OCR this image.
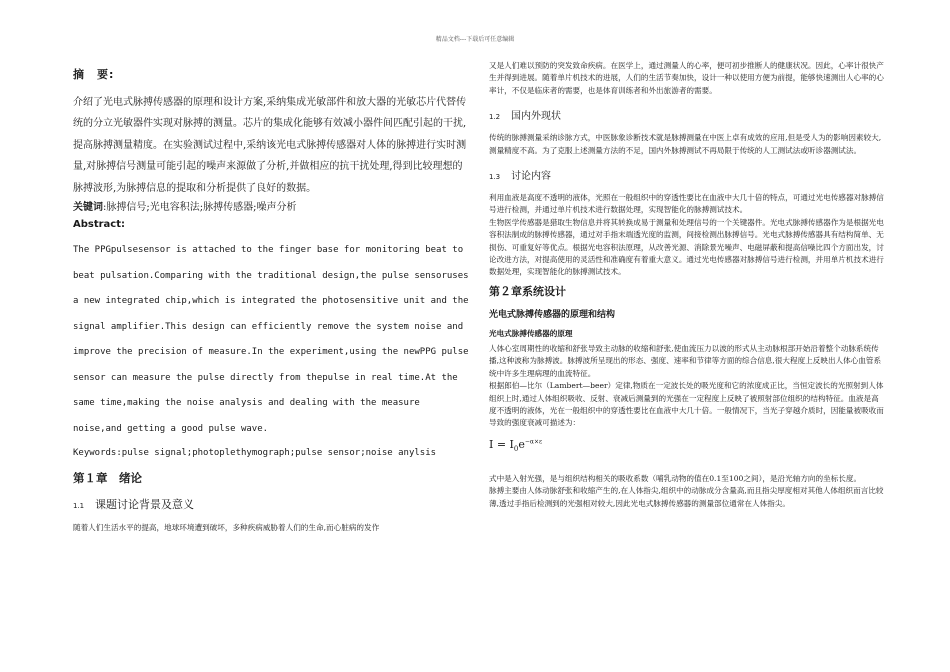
精品文档---下载后可任意编辑
摘　要:

介绍了光电式脉搏传感器的原理和设计方案,采纳集成光敏部件和放大器的光敏芯片代替传统的分立光敏器件实现对脉搏的测量。芯片的集成化能够有效减小器件间匹配引起的干扰,提高脉搏测量精度。在实验测试过程中,采纳该光电式脉搏传感器对人体的脉搏进行实时测量,对脉搏信号测量可能引起的噪声来源做了分析,并做相应的抗干扰处理,得到比较理想的脉搏波形,为脉搏信息的提取和分析提供了良好的数据。

关键词:脉搏信号;光电容积法;脉搏传感器;噪声分析

Abstract:

The PPGpulsesensor is attached to the finger base for monitoring beat to beat pulsation.Comparing with the traditional design,the pulse sensoruses a new integrated chip,which is integrated the photosensitive unit and the signal amplifier.This design can efficiently remove the system noise and improve the precision of measure.In the experiment,using the newPPG pulse sensor can measure the pulse directly from thepulse in real time.At the same time,making the noise analysis and dealing with the measure noise,and getting a good pulse wave.

Keywords:pulse signal;photoplethymograph;pulse sensor;noise anylsis

第１章　绪论
1.1 课题讨论背景及意义

随着人们生活水平的提高，地球环境遭到破坏，多种疾病威胁着人们的生命,而心脏病的发作

又是人们难以预防的突发致命疾病。在医学上，通过测量人的心率，便可初步推断人的健康状况。因此，心率计很快产生并得到进展。随着单片机技术的进展，人们的生活节奏加快，设计一种以使用方便为前提，能够快速测出人心率的心率计，不仅是临床者的需要，也是体育训练者和外出旅游者的需要。

1.2 国内外现状

传统的脉搏测量采纳诊脉方式，中医脉象诊断技术就是脉搏测量在中医上卓有成效的应用,但是受人为的影响因素较大,测量精度不高。为了克服上述测量方法的不足，国内外脉搏测试不再局限于传统的人工测试法或听诊器测试法。

1.3 讨论内容

利用血液是高度不透明的液体，光照在一般组织中的穿透性要比在血液中大几十倍的特点，可通过光电传感器对脉搏信号进行检测，并通过单片机技术进行数据处理，实现智能化的脉搏测试技术。

生物医学传感器是猎取生物信息并将其转换成易于测量和处理信号的一个关键器件。光电式脉搏传感器作为是根据光电容积法制成的脉搏传感器，通过对手指末端透光度的监测，间接检测出脉搏信号。光电式脉搏传感器具有结构简单、无损伤、可重复好等优点。根据光电容积法原理，从改善光源、消除景光噪声、电磁屏蔽和提高信噪比四个方面出发，讨论改进方法，对提高使用的灵活性和准确度有着重大意义。通过光电传感器对脉搏信号进行检测，并用单片机技术进行数据处理，实现智能化的脉搏测试技术。

第２章系统设计
光电式脉搏传感器的原理和结构
光电式脉搏传感器的原理

人体心室周期性的收缩和舒张导致主动脉的收缩和舒张,使血流压力以波的形式从主动脉根部开始沿着整个动脉系统传播,这种波称为脉搏波。脉搏波所呈现出的形态、强度、速率和节律等方面的综合信息,很大程度上反映出人体心血管系统中许多生理病理的血流特征。

根据郎伯—比尔（Lambert—beer）定律,物质在一定波长处的吸光度和它的浓度成正比，当恒定波长的光照射到人体组织上时,通过人体组织吸收、反射、衰减后测量到的光强在一定程度上反映了被照射部位组织的结构特征。血液是高度不透明的液体，光在一般组织中的穿透性要比在血液中大几十倍。一般情况下，当光子穿越介质时，因能量被吸收而导致的强度衰减可描述为：

$I = I_0e^{-\alpha\times\varepsilon}$

式中是入射光强，是与组织结构相关的吸收系数（哺乳动物的值在0.1至100之间），是沿光轴方向的坐标长度。

脉搏主要由人体动脉舒张和收缩产生的,在人体指尖,组织中的动脉成分含量高,而且指尖厚度相对其他人体组织而言比较薄,透过手指后检测到的光强相对较大,因此光电式脉搏传感器的测量部位通常在人体指尖。
